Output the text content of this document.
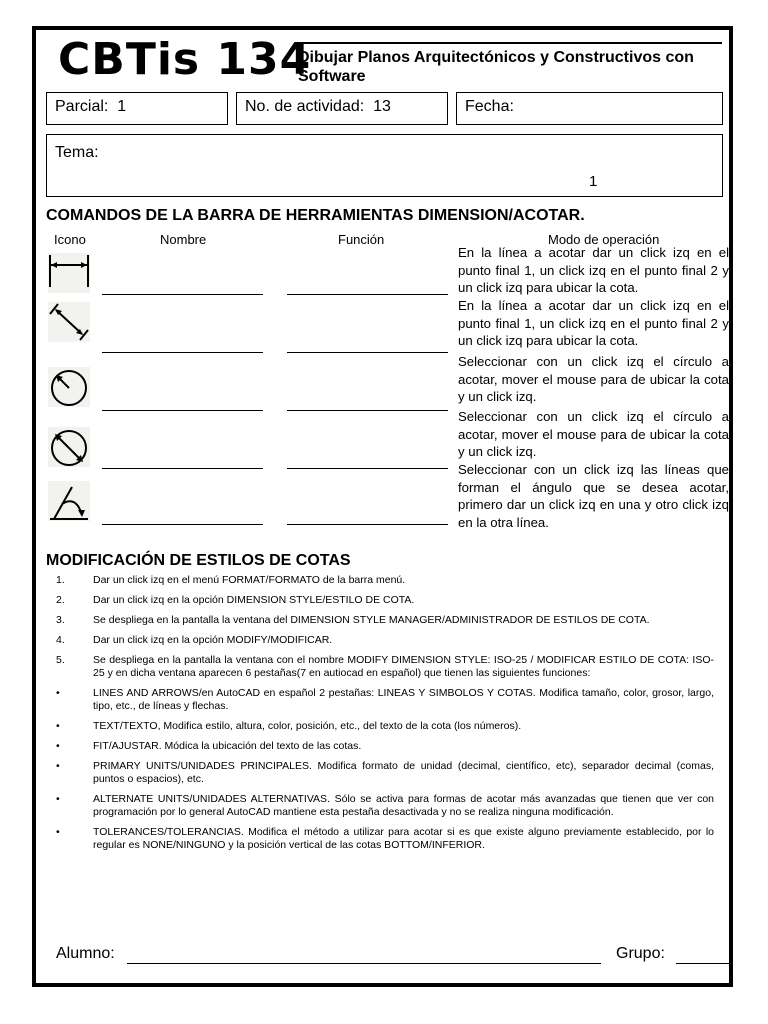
CBTis 134
Dibujar Planos Arquitectónicos y Constructivos con Software
Parcial: 1	No. de actividad: 13	Fecha:
Tema:
1
COMANDOS DE LA BARRA DE HERRAMIENTAS DIMENSION/ACOTAR.
Icono	Nombre	Función	Modo de operación
En la línea a acotar dar un click izq en el punto final 1, un click izq en el punto final 2 y un click izq para ubicar la cota.
En la línea a acotar dar un click izq en el punto final 1, un click izq en el punto final 2 y un click izq para ubicar la cota.
Seleccionar con un click izq el círculo a acotar, mover el mouse para de ubicar la cota y un click izq.
Seleccionar con un click izq el círculo a acotar, mover el mouse para de ubicar la cota y un click izq.
Seleccionar con un click izq las líneas que forman el ángulo que se desea acotar, primero dar un click izq en una y otro click izq en la otra línea.
MODIFICACIÓN DE ESTILOS DE COTAS
1.	Dar un click izq en el menú FORMAT/FORMATO de la barra menú.
2.	Dar un click izq en la opción DIMENSION STYLE/ESTILO DE COTA.
3.	Se despliega en la pantalla la ventana del DIMENSION STYLE MANAGER/ADMINISTRADOR DE ESTILOS DE COTA.
4.	Dar un click izq en la opción MODIFY/MODIFICAR.
5.	Se despliega en la pantalla la ventana con el nombre MODIFY DIMENSION STYLE: ISO-25 / MODIFICAR ESTILO DE COTA: ISO-25 y en dicha ventana aparecen 6 pestañas(7 en autiocad en español) que tienen las siguientes funciones:
•	LINES AND ARROWS/en AutoCAD en español 2 pestañas: LINEAS Y SIMBOLOS Y COTAS. Modifica tamaño, color, grosor, largo, tipo, etc., de líneas y flechas.
•	TEXT/TEXTO, Modifica estilo, altura, color, posición, etc., del texto de la cota (los números).
•	FIT/AJUSTAR. Módica la ubicación del texto de las cotas.
•	PRIMARY UNITS/UNIDADES PRINCIPALES. Modifica formato de unidad (decimal, científico, etc), separador decimal (comas, puntos o espacios), etc.
•	ALTERNATE UNITS/UNIDADES ALTERNATIVAS. Sólo se activa para formas de acotar más avanzadas que tienen que ver con programación por lo general AutoCAD mantiene esta pestaña desactivada y no se realiza ninguna modificación.
•	TOLERANCES/TOLERANCIAS. Modifica el método a utilizar para acotar si es que existe alguno previamente establecido, por lo regular es NONE/NINGUNO y la posición vertical de las cotas BOTTOM/INFERIOR.
Alumno:	Grupo:
